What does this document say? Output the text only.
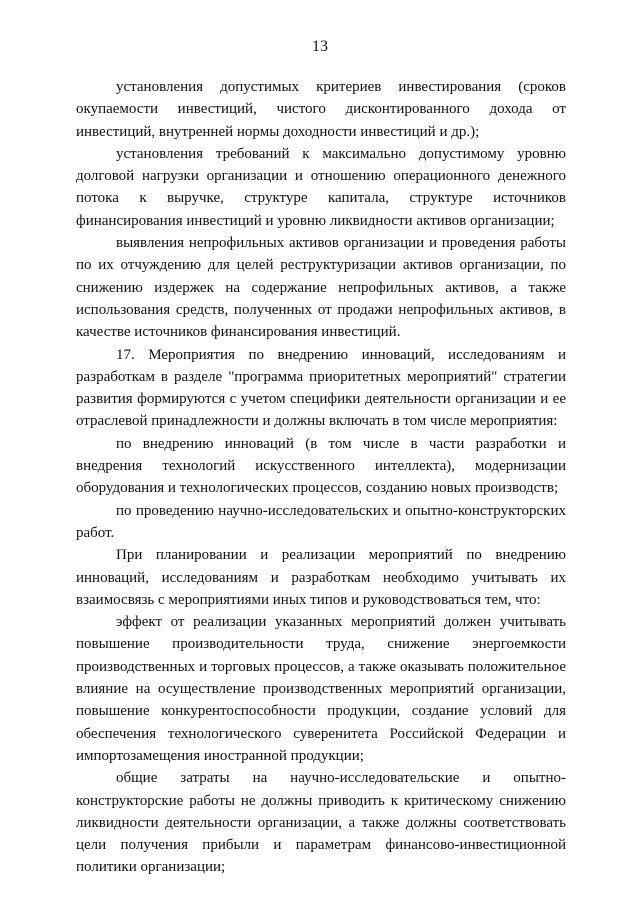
13

установления допустимых критериев инвестирования (сроков окупаемости инвестиций, чистого дисконтированного дохода от инвестиций, внутренней нормы доходности инвестиций и др.);

установления требований к максимально допустимому уровню долговой нагрузки организации и отношению операционного денежного потока к выручке, структуре капитала, структуре источников финансирования инвестиций и уровню ликвидности активов организации;

выявления непрофильных активов организации и проведения работы по их отчуждению для целей реструктуризации активов организации, по снижению издержек на содержание непрофильных активов, а также использования средств, полученных от продажи непрофильных активов, в качестве источников финансирования инвестиций.

17. Мероприятия по внедрению инноваций, исследованиям и разработкам в разделе "программа приоритетных мероприятий" стратегии развития формируются с учетом специфики деятельности организации и ее отраслевой принадлежности и должны включать в том числе мероприятия:

по внедрению инноваций (в том числе в части разработки и внедрения технологий искусственного интеллекта), модернизации оборудования и технологических процессов, созданию новых производств;

по проведению научно-исследовательских и опытно-конструкторских работ.

При планировании и реализации мероприятий по внедрению инноваций, исследованиям и разработкам необходимо учитывать их взаимосвязь с мероприятиями иных типов и руководствоваться тем, что:

эффект от реализации указанных мероприятий должен учитывать повышение производительности труда, снижение энергоемкости производственных и торговых процессов, а также оказывать положительное влияние на осуществление производственных мероприятий организации, повышение конкурентоспособности продукции, создание условий для обеспечения технологического суверенитета Российской Федерации и импортозамещения иностранной продукции;

общие затраты на научно-исследовательские и опытно-конструкторские работы не должны приводить к критическому снижению ликвидности деятельности организации, а также должны соответствовать цели получения прибыли и параметрам финансово-инвестиционной политики организации;
